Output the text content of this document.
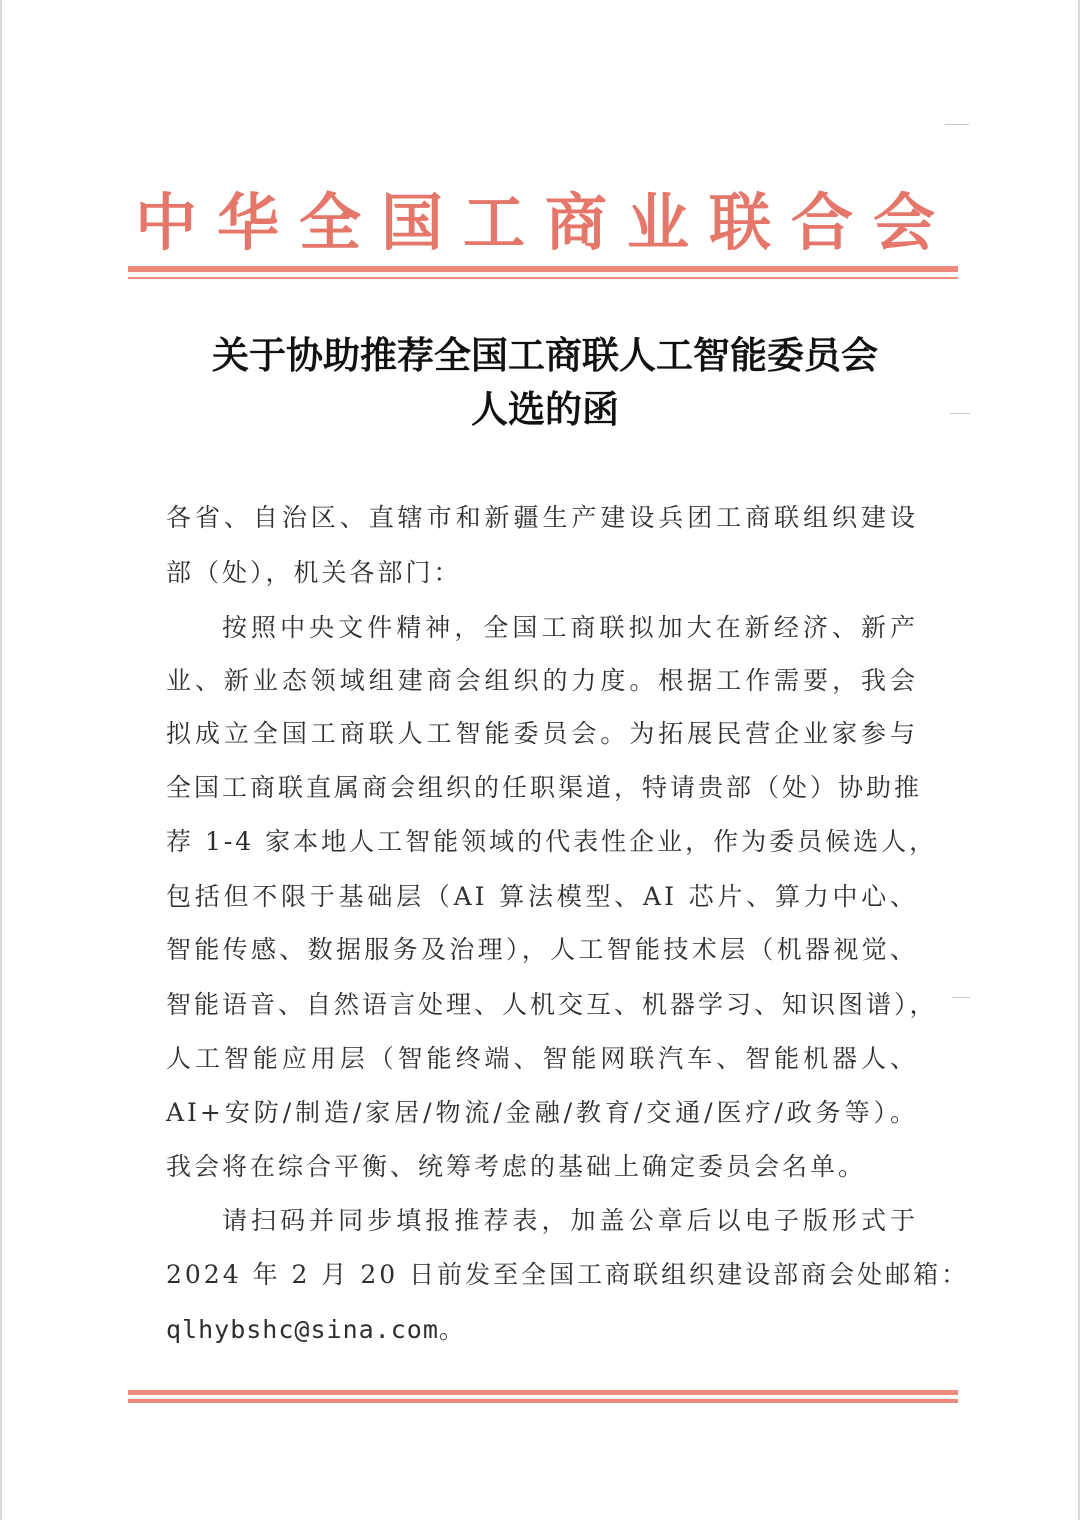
中华全国工商业联合会
关于协助推荐全国工商联人工智能委员会
人选的函

各省、自治区、直辖市和新疆生产建设兵团工商联组织建设

部（处），机关各部门：

按照中央文件精神，全国工商联拟加大在新经济、新产

业、新业态领域组建商会组织的力度。根据工作需要，我会

拟成立全国工商联人工智能委员会。为拓展民营企业家参与

全国工商联直属商会组织的任职渠道，特请贵部（处）协助推

荐 1-4 家本地人工智能领域的代表性企业，作为委员候选人，

包括但不限于基础层（AI 算法模型、AI 芯片、算力中心、

智能传感、数据服务及治理），人工智能技术层（机器视觉、

智能语音、自然语言处理、人机交互、机器学习、知识图谱），

人工智能应用层（智能终端、智能网联汽车、智能机器人、

AI+安防/制造/家居/物流/金融/教育/交通/医疗/政务等）。

我会将在综合平衡、统筹考虑的基础上确定委员会名单。

请扫码并同步填报推荐表，加盖公章后以电子版形式于

2024 年 2 月 20 日前发至全国工商联组织建设部商会处邮箱：

qlhybshc@sina.com。
